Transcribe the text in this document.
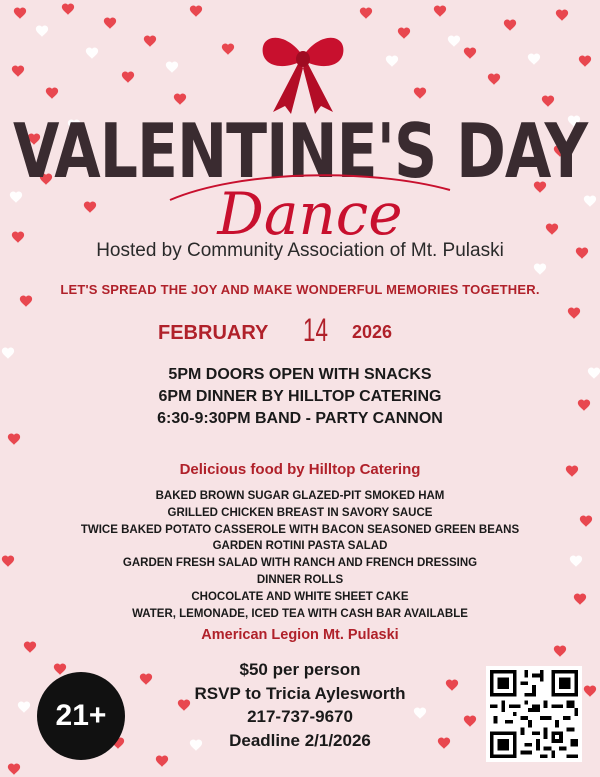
VALENTINE'S DAY
Dance
Hosted by Community Association of Mt. Pulaski
LET'S SPREAD THE JOY AND MAKE WONDERFUL MEMORIES TOGETHER.
FEBRUARY 14 2026
5PM DOORS OPEN WITH SNACKS
6PM DINNER BY HILLTOP CATERING
6:30-9:30PM BAND - PARTY CANNON
Delicious food by Hilltop Catering
BAKED BROWN SUGAR GLAZED-PIT SMOKED HAM
GRILLED CHICKEN BREAST IN SAVORY SAUCE
TWICE BAKED POTATO CASSEROLE WITH BACON SEASONED GREEN BEANS
GARDEN ROTINI PASTA SALAD
GARDEN FRESH SALAD WITH RANCH AND FRENCH DRESSING
DINNER ROLLS
CHOCOLATE AND WHITE SHEET CAKE
WATER, LEMONADE, ICED TEA WITH CASH BAR AVAILABLE
American Legion Mt. Pulaski
$50 per person
RSVP to Tricia Aylesworth
217-737-9670
Deadline 2/1/2026
21+
